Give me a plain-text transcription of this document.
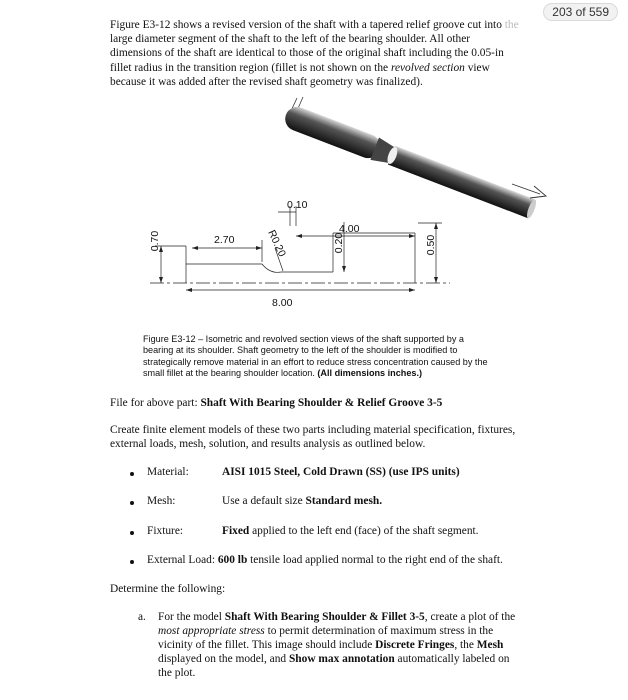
203 of 559

Figure E3-12 shows a revised version of the shaft with a tapered relief groove cut into the
large diameter segment of the shaft to the left of the bearing shoulder. All other
dimensions of the shaft are identical to those of the original shaft including the 0.05-in
fillet radius in the transition region (fillet is not shown on the revolved section view
because it was added after the revised shaft geometry was finalized).

0.70	2.70
0.10
R0.20	0.20
4.00
0.50
8.00
Figure E3-12 – Isometric and revolved section views of the shaft supported by a
bearing at its shoulder. Shaft geometry to the left of the shoulder is modified to
strategically remove material in an effort to reduce stress concentration caused by the
small fillet at the bearing shoulder location. (All dimensions inches.)
File for above part: Shaft With Bearing Shoulder & Relief Groove 3-5
Create finite element models of these two parts including material specification, fixtures,
external loads, mesh, solution, and results analysis as outlined below.
Material:	AISI 1015 Steel, Cold Drawn (SS) (use IPS units)
Mesh:	Use a default size Standard mesh.
Fixture:	Fixed applied to the left end (face) of the shaft segment.
External Load: 600 lb tensile load applied normal to the right end of the shaft.
Determine the following:
a. For the model Shaft With Bearing Shoulder & Fillet 3-5, create a plot of the
most appropriate stress to permit determination of maximum stress in the
vicinity of the fillet. This image should include Discrete Fringes, the Mesh
displayed on the model, and Show max annotation automatically labeled on
the plot.
